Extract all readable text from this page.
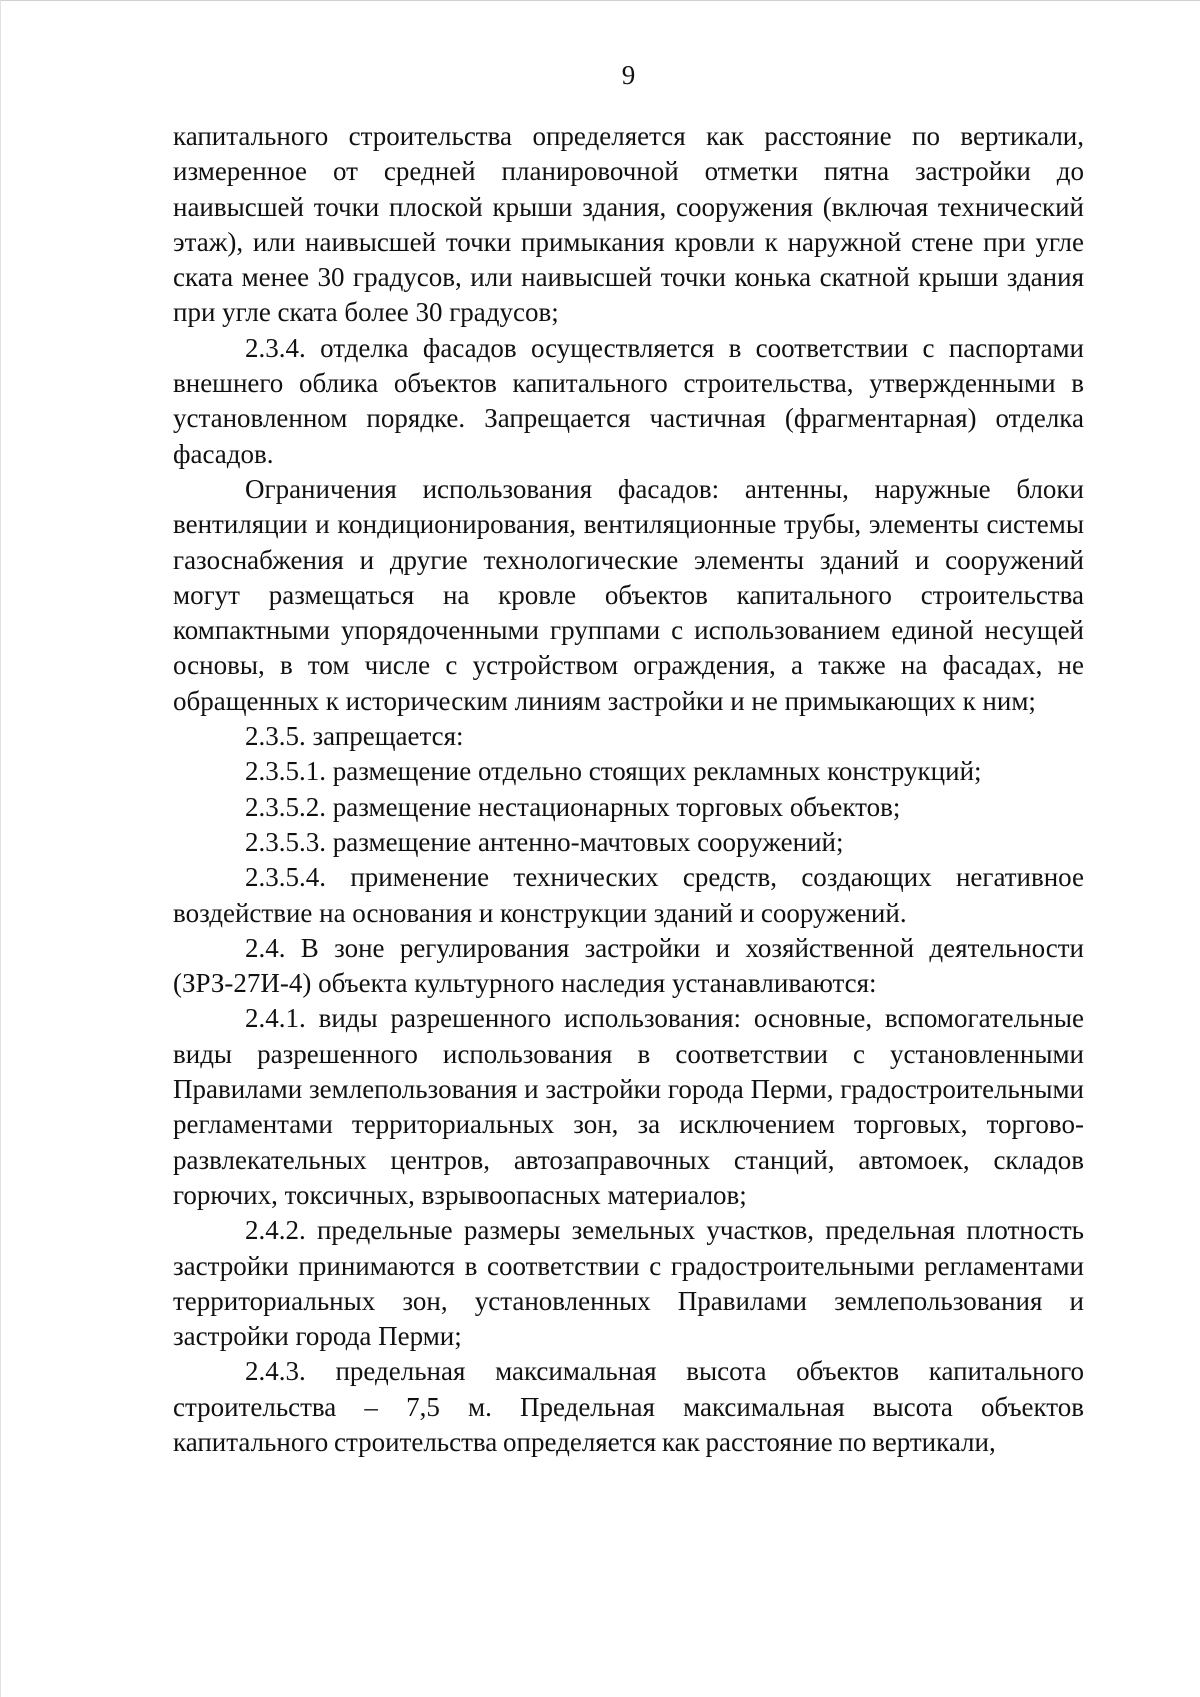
9

капитального строительства определяется как расстояние по вертикали, измеренное от средней планировочной отметки пятна застройки до наивысшей точки плоской крыши здания, сооружения (включая технический этаж), или наивысшей точки примыкания кровли к наружной стене при угле ската менее 30 градусов, или наивысшей точки конька скатной крыши здания при угле ската более 30 градусов;

2.3.4. отделка фасадов осуществляется в соответствии с паспортами внешнего облика объектов капитального строительства, утвержденными в установленном порядке. Запрещается частичная (фрагментарная) отделка фасадов.

Ограничения использования фасадов: антенны, наружные блоки вентиляции и кондиционирования, вентиляционные трубы, элементы системы газоснабжения и другие технологические элементы зданий и сооружений могут размещаться на кровле объектов капитального строительства компактными упорядоченными группами с использованием единой несущей основы, в том числе с устройством ограждения, а также на фасадах, не обращенных к историческим линиям застройки и не примыкающих к ним;

2.3.5. запрещается:

2.3.5.1. размещение отдельно стоящих рекламных конструкций;

2.3.5.2. размещение нестационарных торговых объектов;

2.3.5.3. размещение антенно-мачтовых сооружений;

2.3.5.4. применение технических средств, создающих негативное воздействие на основания и конструкции зданий и сооружений.

2.4. В зоне регулирования застройки и хозяйственной деятельности (ЗРЗ-27И-4) объекта культурного наследия устанавливаются:

2.4.1. виды разрешенного использования: основные, вспомогательные виды разрешенного использования в соответствии с установленными Правилами землепользования и застройки города Перми, градостроительными регламентами территориальных зон, за исключением торговых, торгово-развлекательных центров, автозаправочных станций, автомоек, складов горючих, токсичных, взрывоопасных материалов;

2.4.2. предельные размеры земельных участков, предельная плотность застройки принимаются в соответствии с градостроительными регламентами территориальных зон, установленных Правилами землепользования и застройки города Перми;

2.4.3. предельная максимальная высота объектов капитального строительства – 7,5 м. Предельная максимальная высота объектов капитального строительства определяется как расстояние по вертикали,
